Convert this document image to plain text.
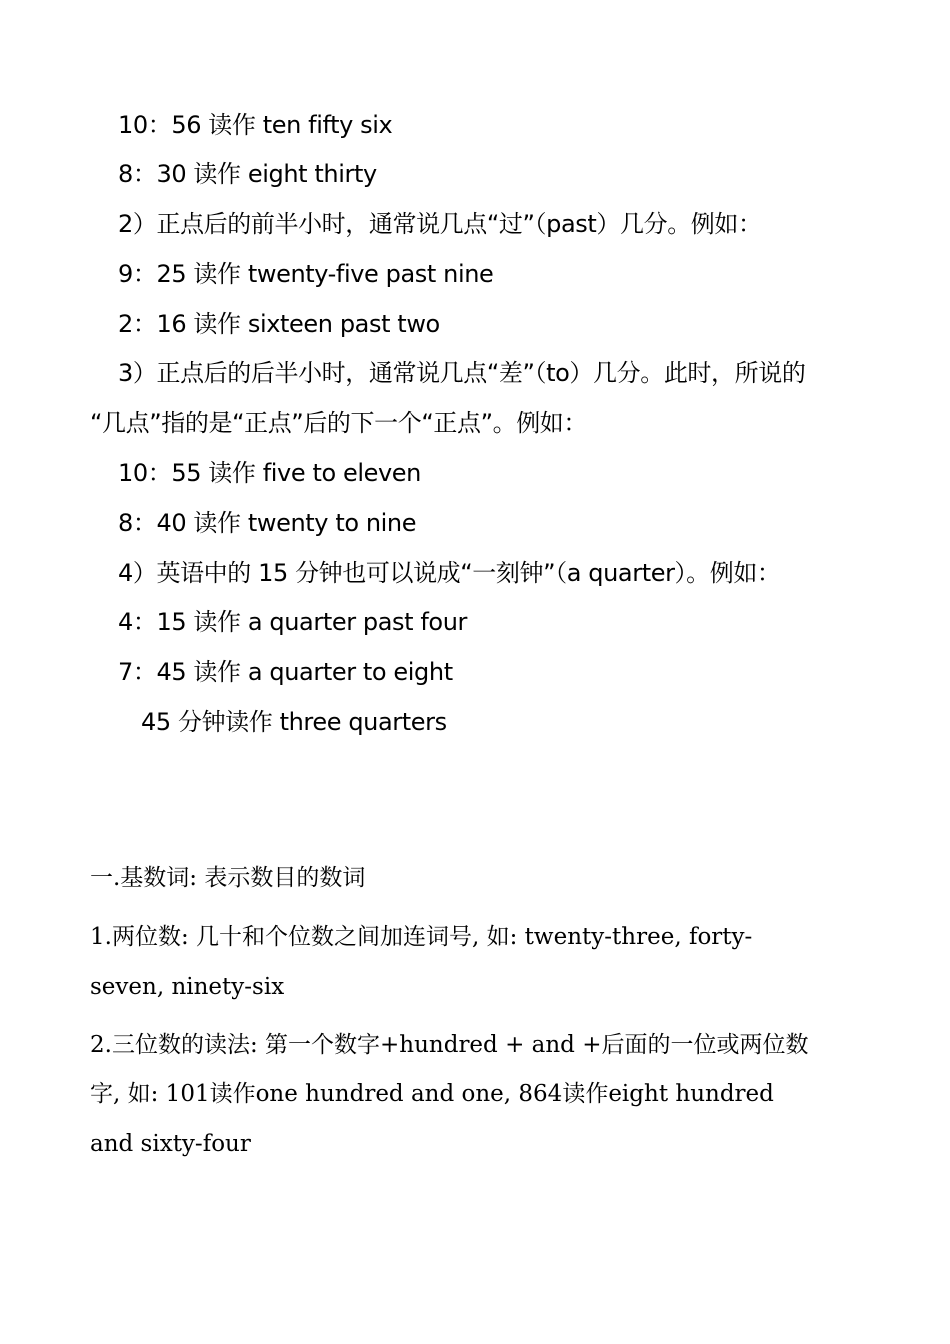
10：56 读作 ten fifty six
8：30 读作 eight thirty
2）正点后的前半小时，通常说几点“过”（past）几分。例如：
9：25 读作 twenty-five past nine
2：16 读作 sixteen past two
3）正点后的后半小时，通常说几点“差”（to）几分。此时，所说的
“几点”指的是“正点”后的下一个“正点”。例如：
10：55 读作 five to eleven
8：40 读作 twenty to nine
4）英语中的 15 分钟也可以说成“一刻钟”（a quarter）。例如：
4：15 读作 a quarter past four
7：45 读作 a quarter to eight
45 分钟读作 three quarters
一.基数词: 表示数目的数词
1.两位数: 几十和个位数之间加连词号, 如: twenty-three, forty-
seven, ninety-six
2.三位数的读法: 第一个数字+hundred + and +后面的一位或两位数
字, 如: 101读作one hundred and one, 864读作eight hundred
and sixty-four
